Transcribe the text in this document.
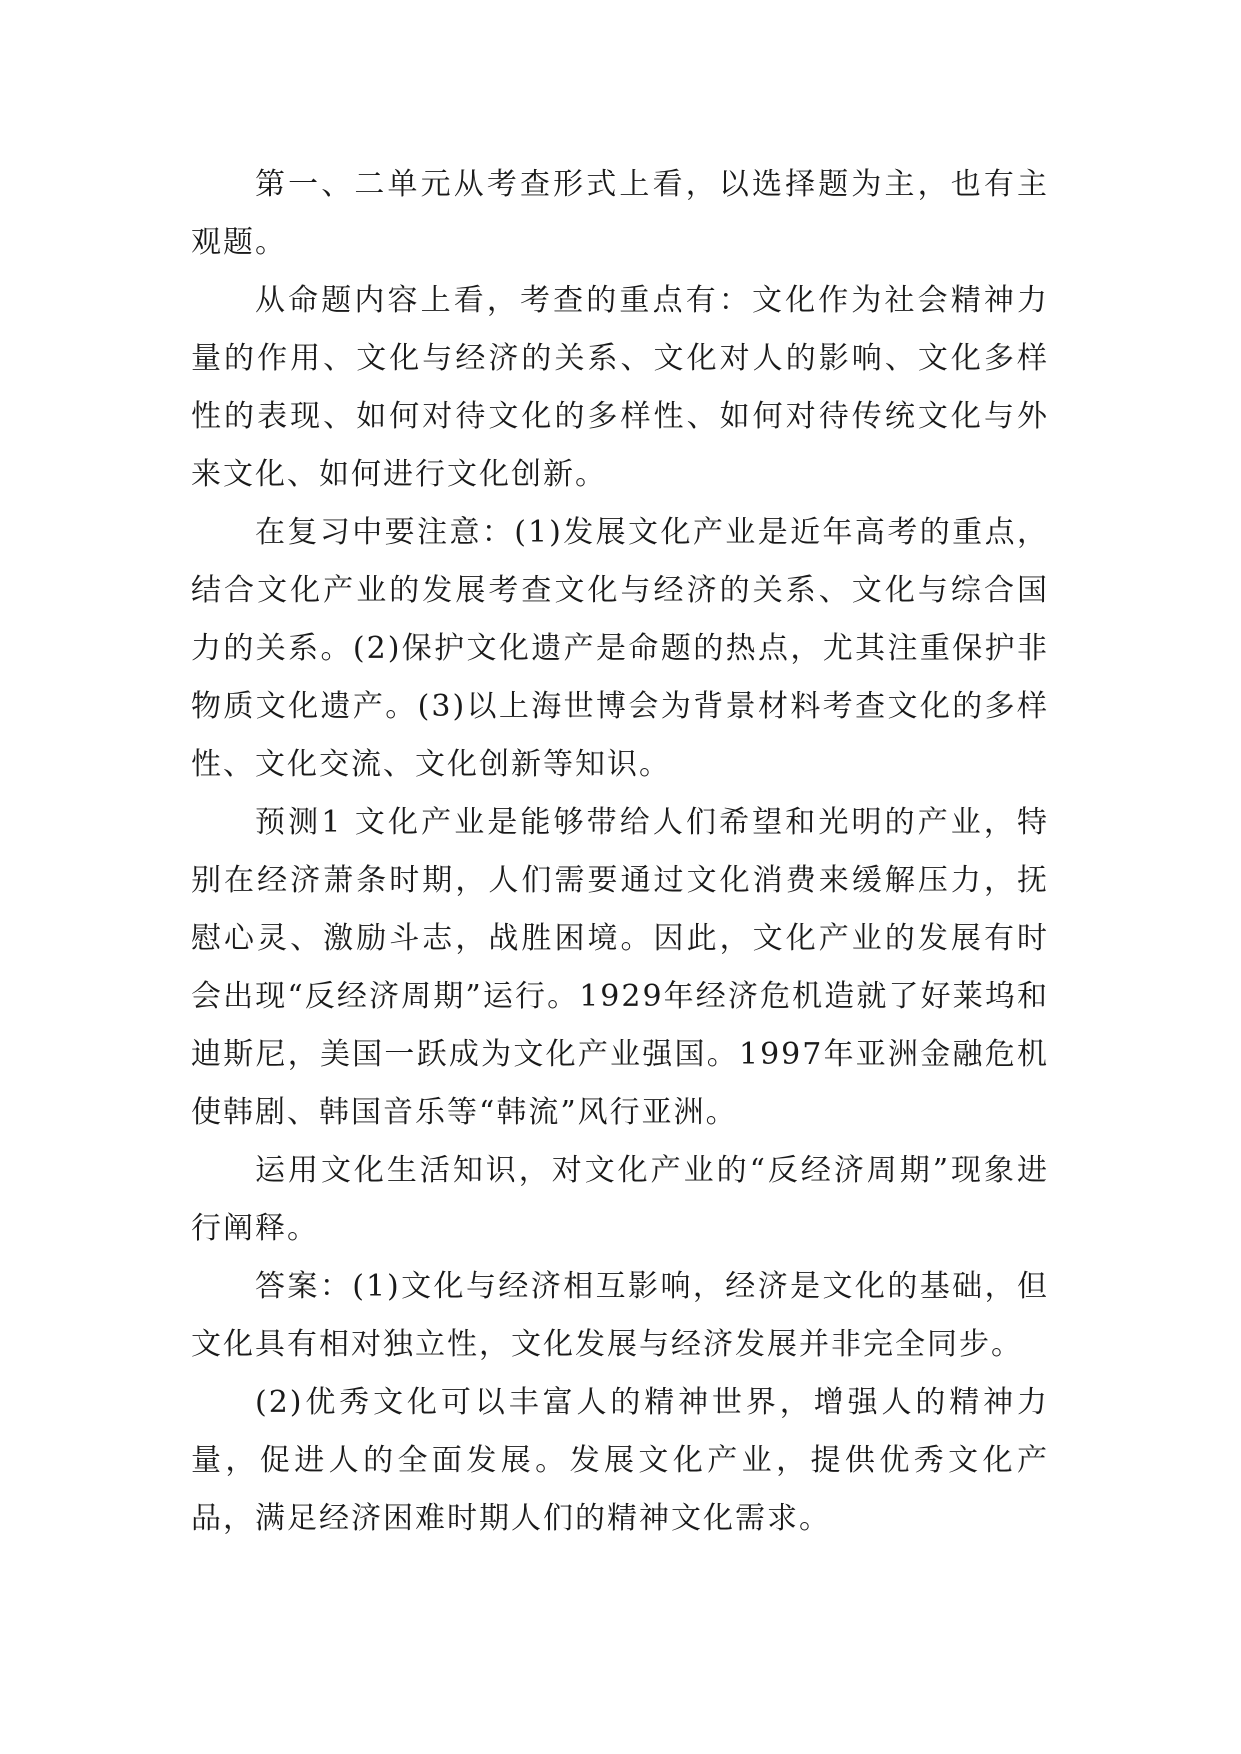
第一、二单元从考查形式上看，以选择题为主，也有主观题。

从命题内容上看，考查的重点有：文化作为社会精神力量的作用、文化与经济的关系、文化对人的影响、文化多样性的表现、如何对待文化的多样性、如何对待传统文化与外来文化、如何进行文化创新。

在复习中要注意：(1)发展文化产业是近年高考的重点，结合文化产业的发展考查文化与经济的关系、文化与综合国力的关系。(2)保护文化遗产是命题的热点，尤其注重保护非物质文化遗产。(3)以上海世博会为背景材料考查文化的多样性、文化交流、文化创新等知识。

预测1 文化产业是能够带给人们希望和光明的产业，特别在经济萧条时期，人们需要通过文化消费来缓解压力，抚慰心灵、激励斗志，战胜困境。因此，文化产业的发展有时会出现“反经济周期”运行。1929年经济危机造就了好莱坞和迪斯尼，美国一跃成为文化产业强国。1997年亚洲金融危机使韩剧、韩国音乐等“韩流”风行亚洲。

运用文化生活知识，对文化产业的“反经济周期”现象进行阐释。

答案：(1)文化与经济相互影响，经济是文化的基础，但文化具有相对独立性，文化发展与经济发展并非完全同步。

(2)优秀文化可以丰富人的精神世界，增强人的精神力量，促进人的全面发展。发展文化产业，提供优秀文化产品，满足经济困难时期人们的精神文化需求。
